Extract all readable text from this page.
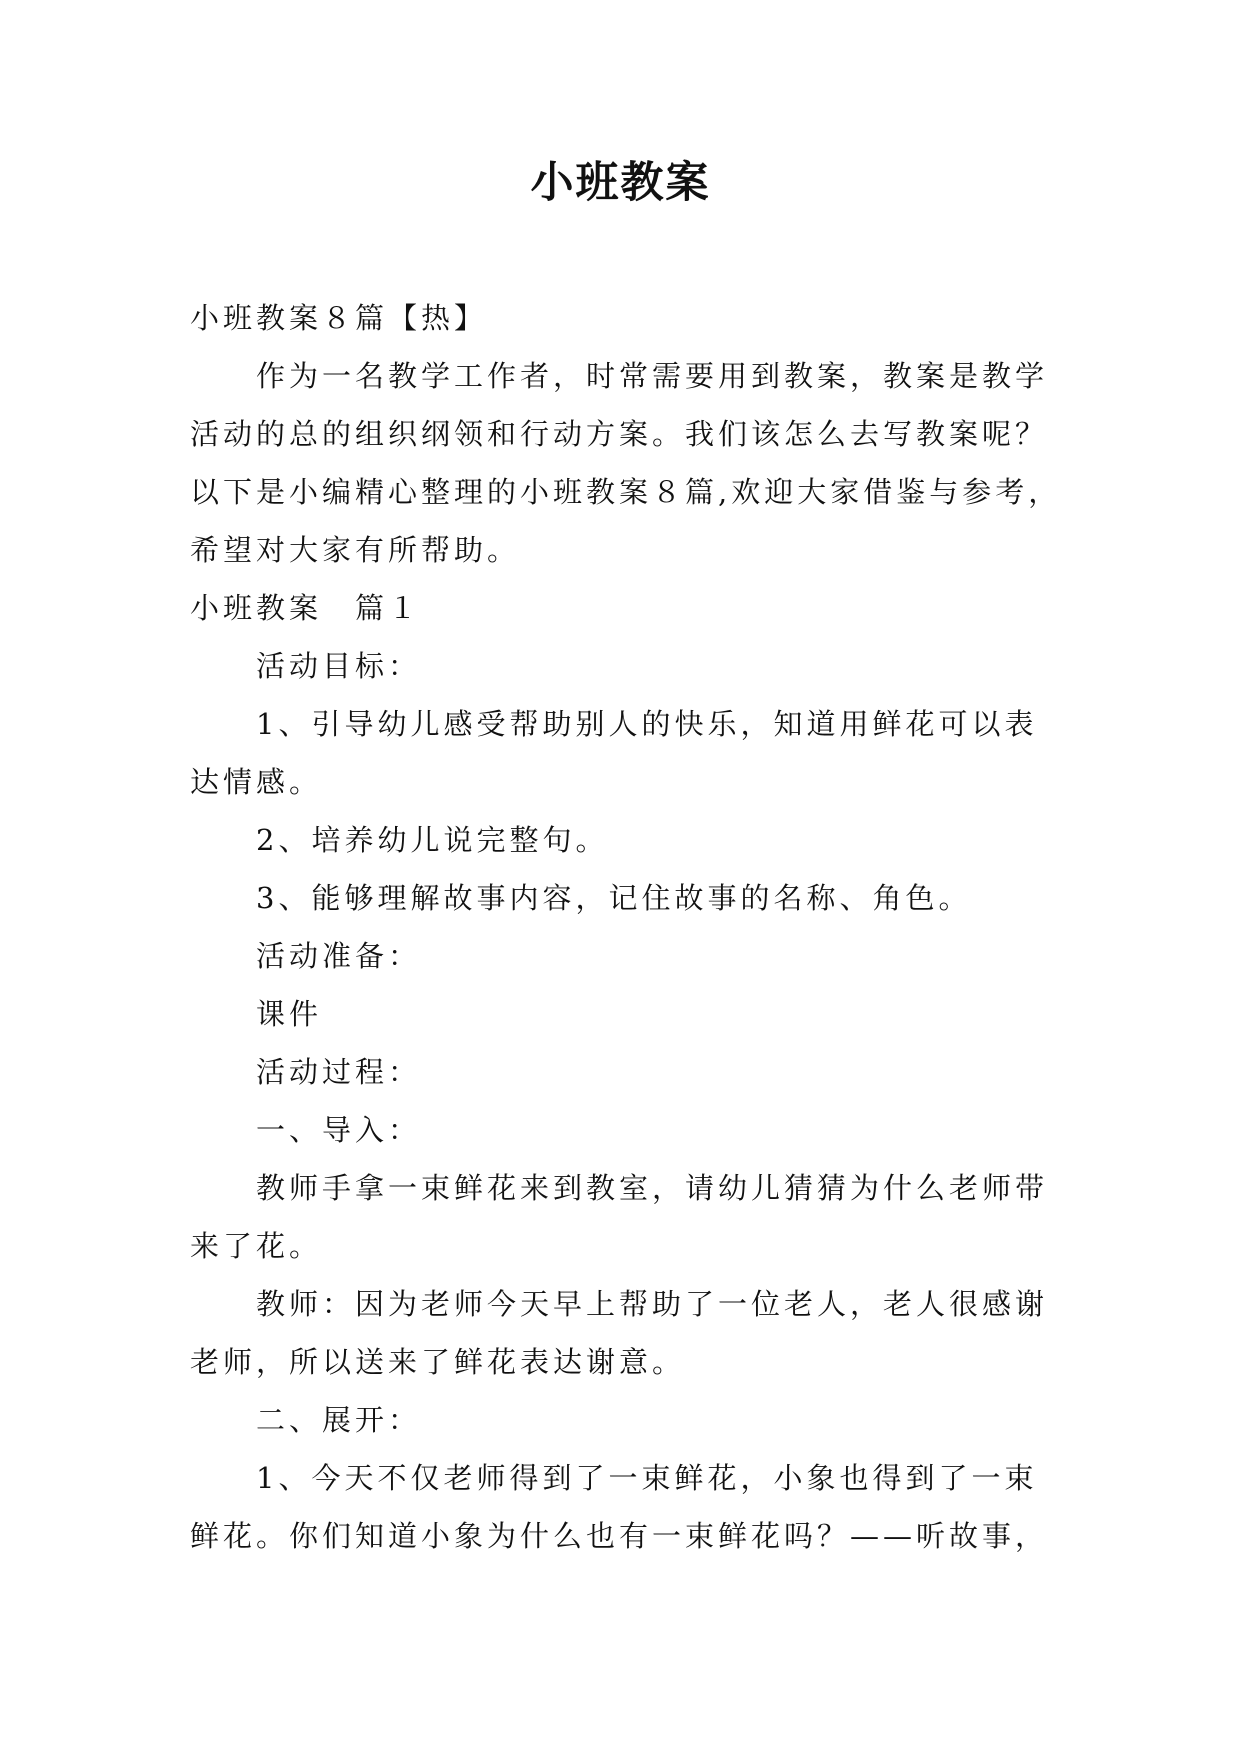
小班教案

小班教案８篇【热】

作为一名教学工作者，时常需要用到教案，教案是教学

活动的总的组织纲领和行动方案。我们该怎么去写教案呢？

以下是小编精心整理的小班教案８篇,欢迎大家借鉴与参考，

希望对大家有所帮助。

小班教案　篇１

活动目标：

1、引导幼儿感受帮助别人的快乐，知道用鲜花可以表

达情感。

2、培养幼儿说完整句。

3、能够理解故事内容，记住故事的名称、角色。

活动准备：

课件

活动过程：

一、导入：

教师手拿一束鲜花来到教室，请幼儿猜猜为什么老师带

来了花。

教师：因为老师今天早上帮助了一位老人，老人很感谢

老师，所以送来了鲜花表达谢意。

二、展开：

1、今天不仅老师得到了一束鲜花，小象也得到了一束

鲜花。你们知道小象为什么也有一束鲜花吗？——听故事，
